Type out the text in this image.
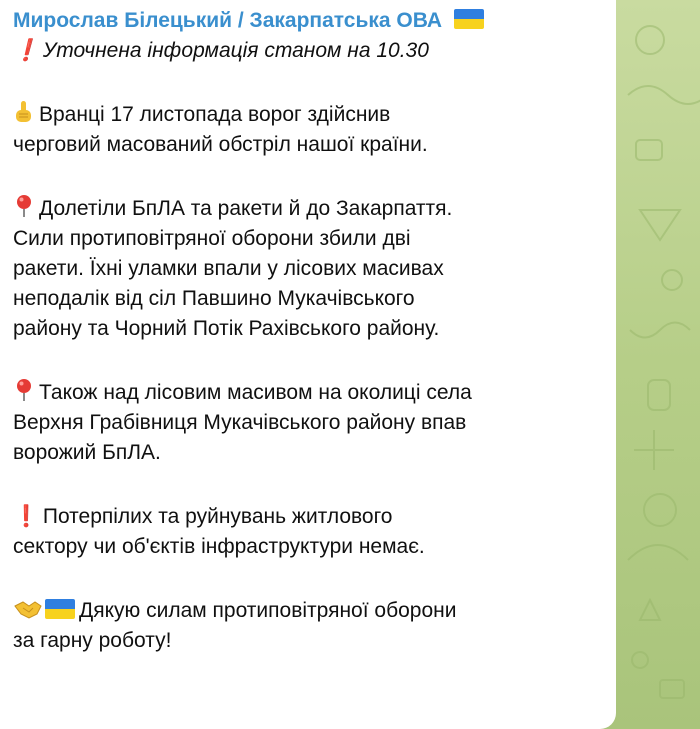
Мирослав Білецький / Закарпатська ОВА

❗ Уточнена інформація станом на 10.30

Вранці 17 листопада ворог здійснив
черговий масований обстріл нашої країни.

Долетіли БпЛА та ракети й до Закарпаття.
Сили протиповітряної оборони збили дві
ракети. Їхні уламки впали у лісових масивах
неподалік від сіл Павшино Мукачівського
району та Чорний Потік Рахівського району.

Також над лісовим масивом на околиці села
Верхня Грабівниця Мукачівського району впав
ворожий БпЛА.

❗ Потерпілих та руйнувань житлового
сектору чи об'єктів інфраструктури немає.

Дякую силам протиповітряної оборони
за гарну роботу!
